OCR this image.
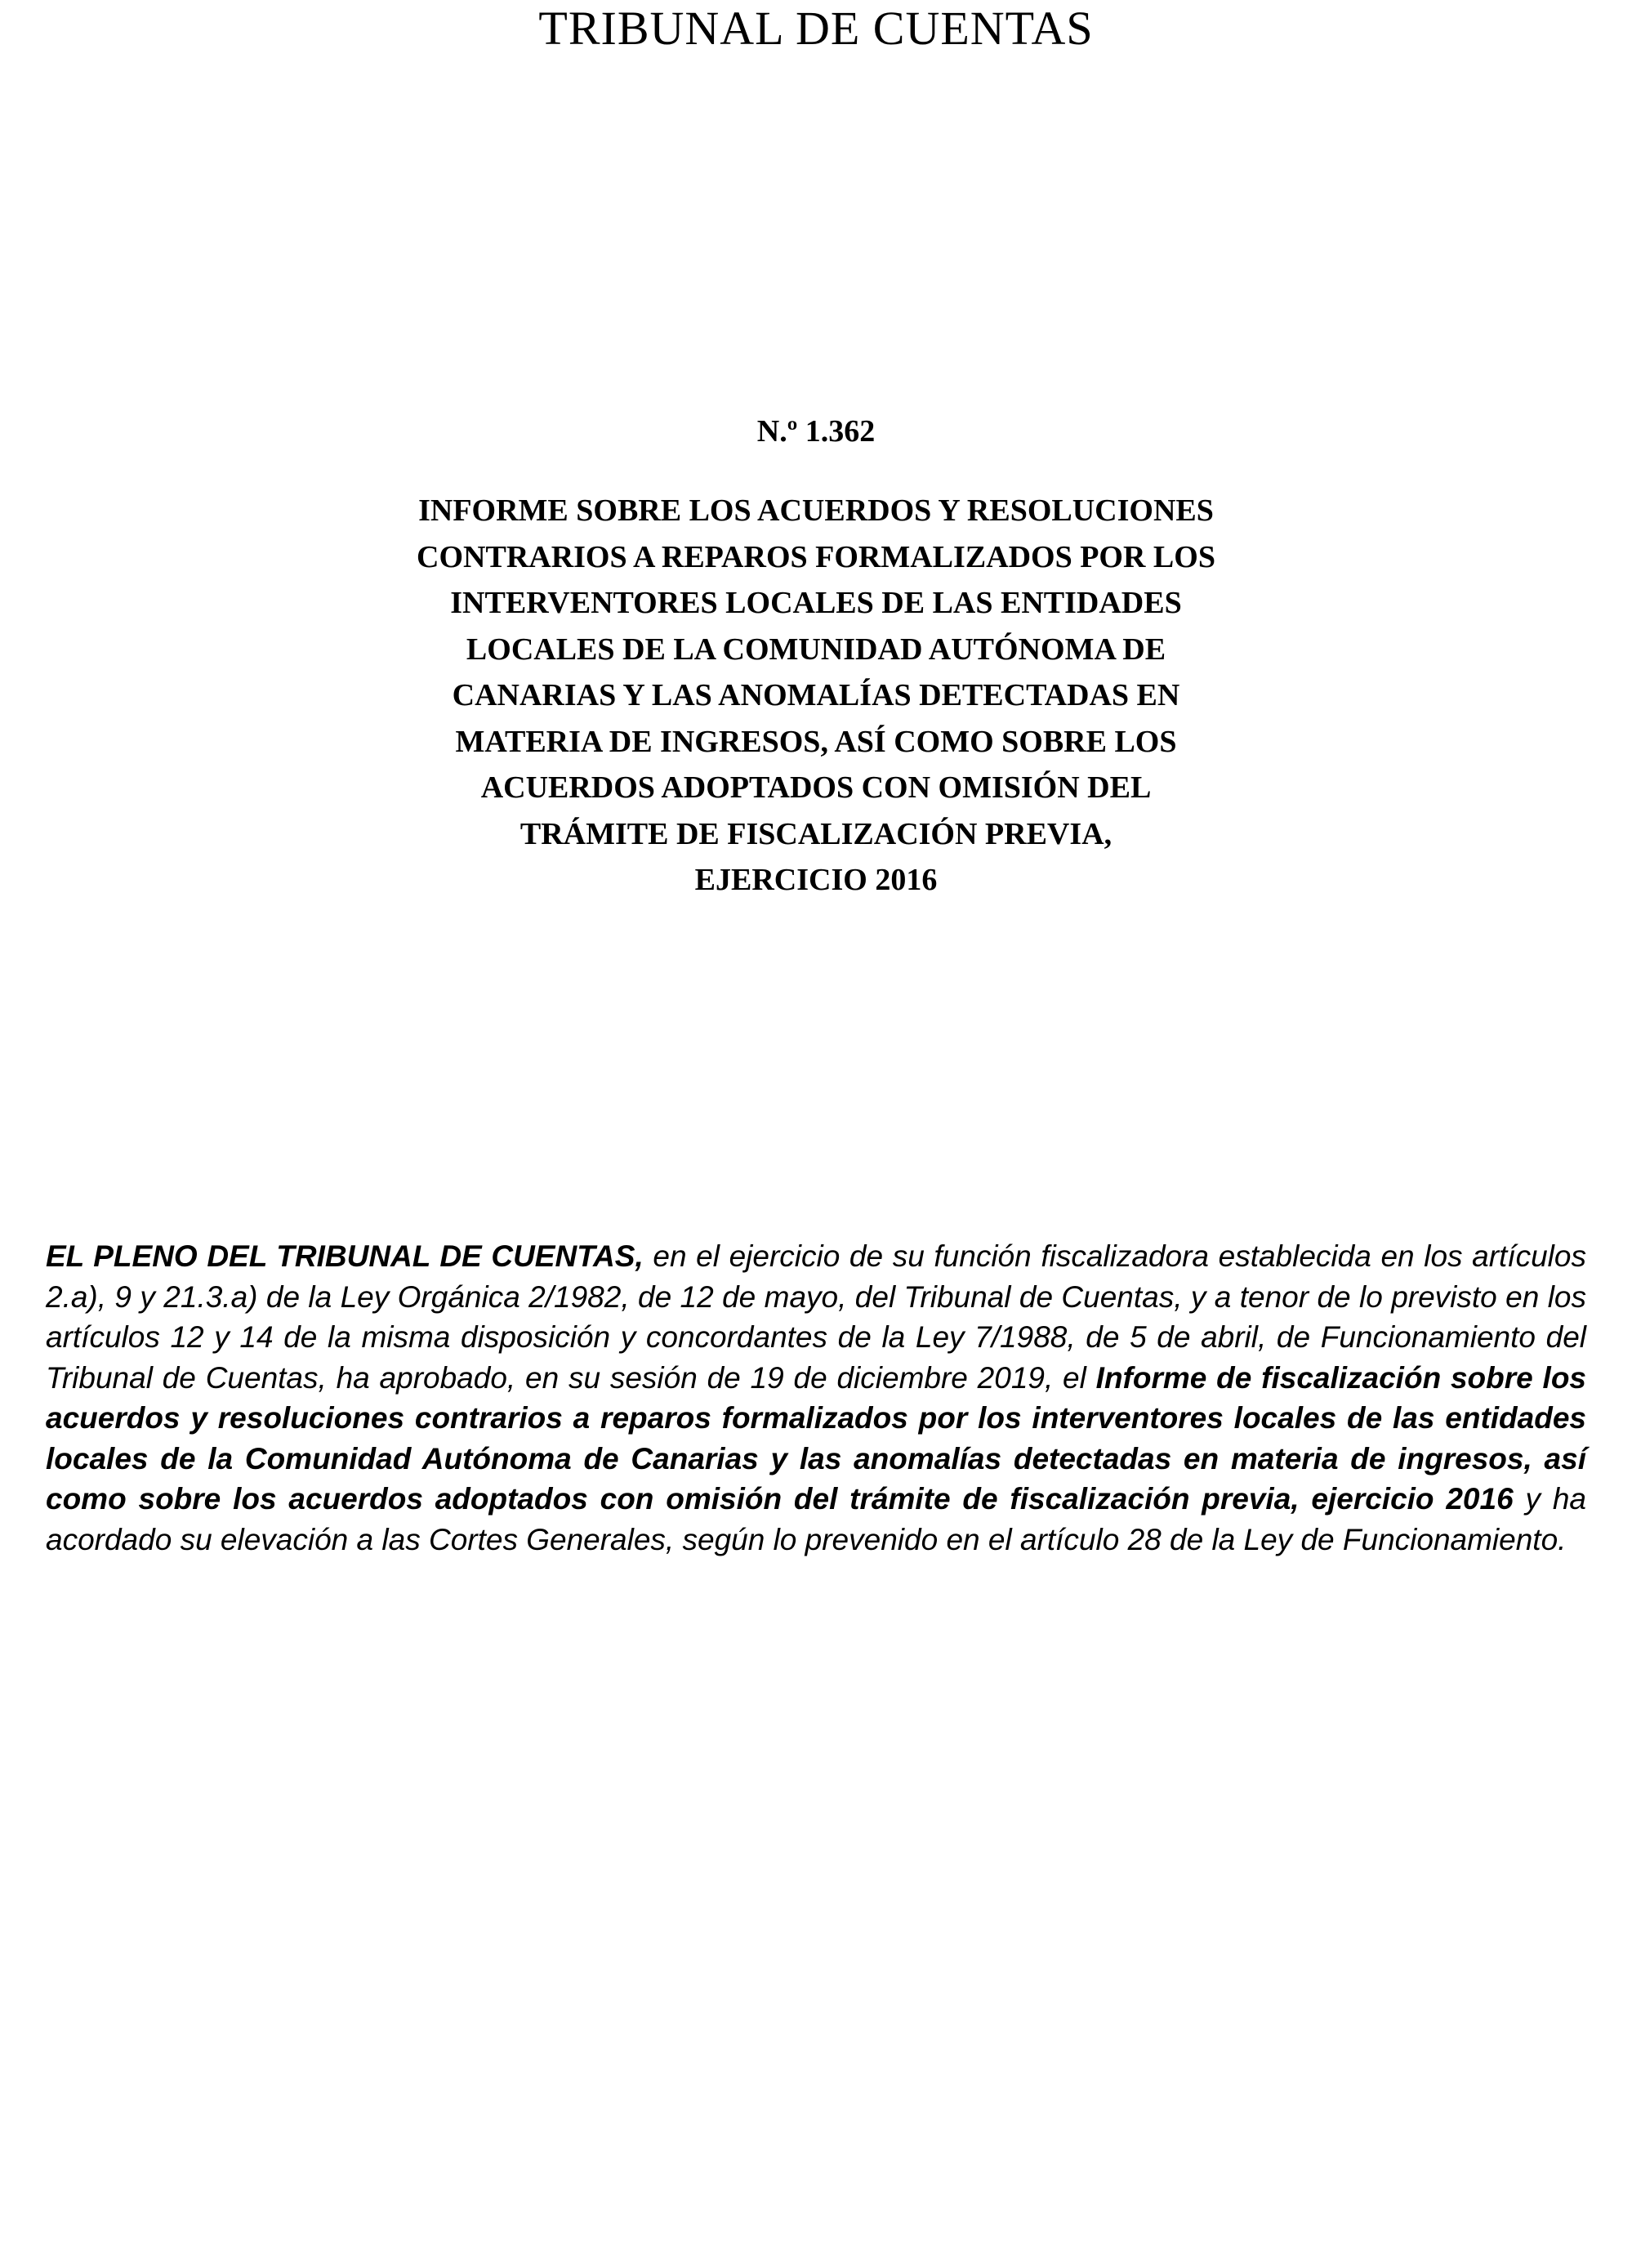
TRIBUNAL DE CUENTAS
N.º 1.362
INFORME SOBRE LOS ACUERDOS Y RESOLUCIONES
CONTRARIOS A REPAROS FORMALIZADOS POR LOS
INTERVENTORES LOCALES DE LAS ENTIDADES
LOCALES DE LA COMUNIDAD AUTÓNOMA DE
CANARIAS Y LAS ANOMALÍAS DETECTADAS EN
MATERIA DE INGRESOS, ASÍ COMO SOBRE LOS
ACUERDOS ADOPTADOS CON OMISIÓN DEL
TRÁMITE DE FISCALIZACIÓN PREVIA,
EJERCICIO 2016
EL PLENO DEL TRIBUNAL DE CUENTAS, en el ejercicio de su función fiscalizadora establecida en los artículos 2.a), 9 y 21.3.a) de la Ley Orgánica 2/1982, de 12 de mayo, del Tribunal de Cuentas, y a tenor de lo previsto en los artículos 12 y 14 de la misma disposición y concordantes de la Ley 7/1988, de 5 de abril, de Funcionamiento del Tribunal de Cuentas, ha aprobado, en su sesión de 19 de diciembre 2019, el Informe de fiscalización sobre los acuerdos y resoluciones contrarios a reparos formalizados por los interventores locales de las entidades locales de la Comunidad Autónoma de Canarias y las anomalías detectadas en materia de ingresos, así como sobre los acuerdos adoptados con omisión del trámite de fiscalización previa, ejercicio 2016 y ha acordado su elevación a las Cortes Generales, según lo prevenido en el artículo 28 de la Ley de Funcionamiento.
